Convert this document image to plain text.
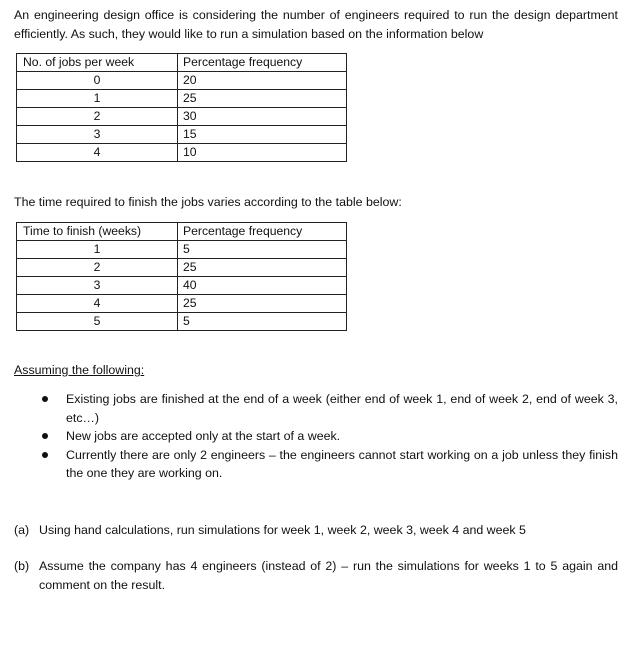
An engineering design office is considering the number of engineers required to run the design department efficiently. As such, they would like to run a simulation based on the information below

No. of jobs per week	Percentage frequency
0	20
1	25
2	30
3	15
4	10

The time required to finish the jobs varies according to the table below:

Time to finish (weeks)	Percentage frequency
1	5
2	25
3	40
4	25
5	5

Assuming the following:

Existing jobs are finished at the end of a week (either end of week 1, end of week 2, end of week 3, etc…)
New jobs are accepted only at the start of a week.
Currently there are only 2 engineers – the engineers cannot start working on a job unless they finish the one they are working on.
(a) Using hand calculations, run simulations for week 1, week 2, week 3, week 4 and week 5
(b) Assume the company has 4 engineers (instead of 2) – run the simulations for weeks 1 to 5 again and comment on the result.
